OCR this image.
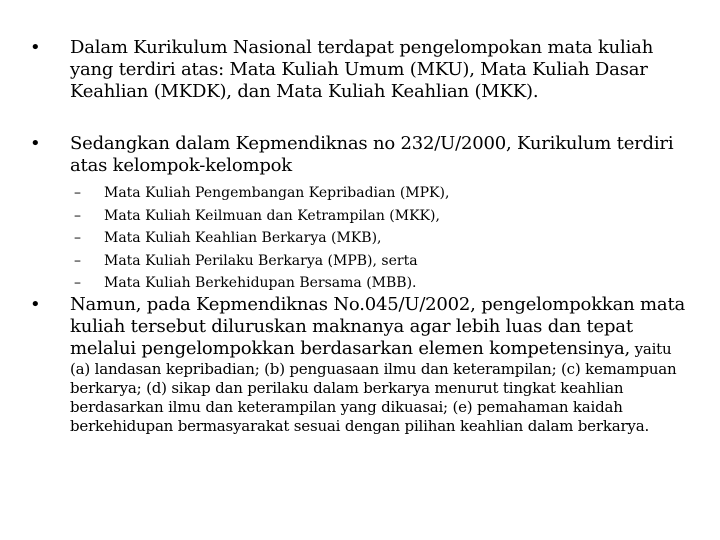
• Dalam Kurikulum Nasional terdapat pengelompokan mata kuliah yang terdiri atas: Mata Kuliah Umum (MKU), Mata Kuliah Dasar Keahlian (MKDK), dan Mata Kuliah Keahlian (MKK).
• Sedangkan dalam Kepmendiknas no 232/U/2000, Kurikulum terdiri atas kelompok-kelompok
– Mata Kuliah Pengembangan Kepribadian (MPK),
– Mata Kuliah Keilmuan dan Ketrampilan (MKK),
– Mata Kuliah Keahlian Berkarya (MKB),
– Mata Kuliah Perilaku Berkarya (MPB), serta
– Mata Kuliah Berkehidupan Bersama (MBB).
• Namun, pada Kepmendiknas No.045/U/2002, pengelompokkan mata kuliah tersebut diluruskan maknanya agar lebih luas dan tepat melalui pengelompokkan berdasarkan elemen kompetensinya, yaitu
(a) landasan kepribadian; (b) penguasaan ilmu dan keterampilan; (c) kemampuan berkarya; (d) sikap dan perilaku dalam berkarya menurut tingkat keahlian berdasarkan ilmu dan keterampilan yang dikuasai; (e) pemahaman kaidah berkehidupan bermasyarakat sesuai dengan pilihan keahlian dalam berkarya.
